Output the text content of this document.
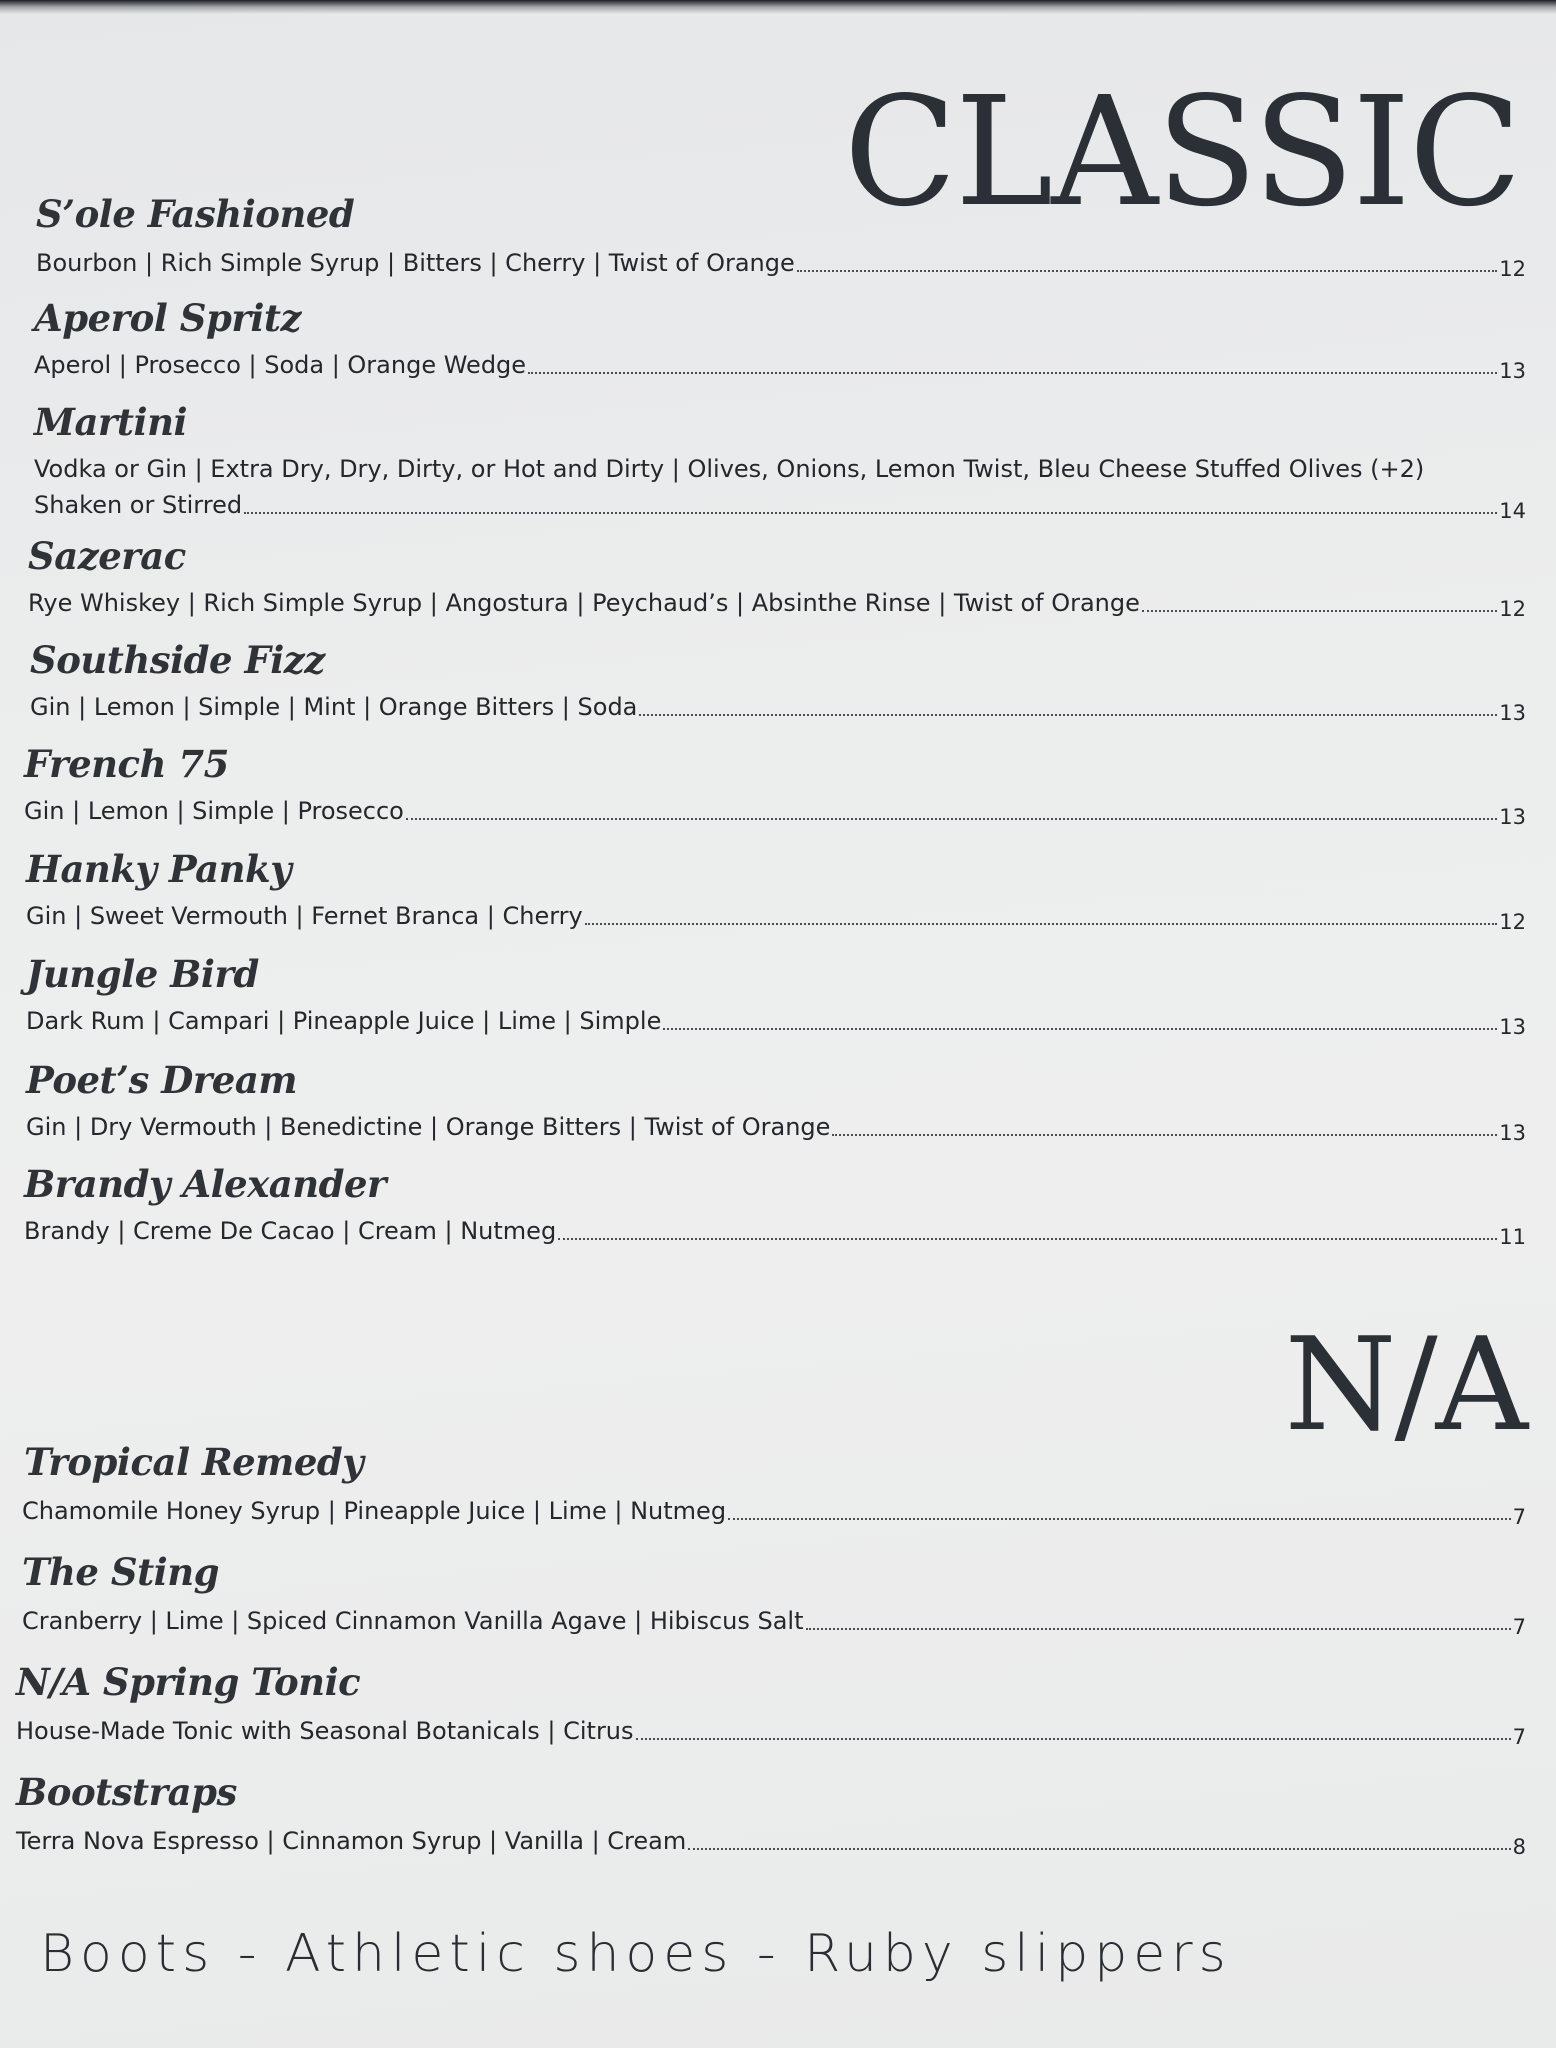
CLASSIC
S’ole Fashioned
Bourbon | Rich Simple Syrup | Bitters | Cherry | Twist of Orange	12
Aperol Spritz
Aperol | Prosecco | Soda | Orange Wedge	13
Martini
Vodka or Gin | Extra Dry, Dry, Dirty, or Hot and Dirty | Olives, Onions, Lemon Twist, Bleu Cheese Stuffed Olives (+2)
Shaken or Stirred	14
Sazerac
Rye Whiskey | Rich Simple Syrup | Angostura | Peychaud’s | Absinthe Rinse | Twist of Orange	12
Southside Fizz
Gin | Lemon | Simple | Mint | Orange Bitters | Soda	13
French 75
Gin | Lemon | Simple | Prosecco	13
Hanky Panky
Gin | Sweet Vermouth | Fernet Branca | Cherry	12
Jungle Bird
Dark Rum | Campari | Pineapple Juice | Lime | Simple	13
Poet’s Dream
Gin | Dry Vermouth | Benedictine | Orange Bitters | Twist of Orange	13
Brandy Alexander
Brandy | Creme De Cacao | Cream | Nutmeg	11
N/A
Tropical Remedy
Chamomile Honey Syrup | Pineapple Juice | Lime | Nutmeg	7
The Sting
Cranberry | Lime | Spiced Cinnamon Vanilla Agave | Hibiscus Salt	7
N/A Spring Tonic
House-Made Tonic with Seasonal Botanicals | Citrus	7
Bootstraps
Terra Nova Espresso | Cinnamon Syrup | Vanilla | Cream	8

Boots - Athletic shoes - Ruby slippers
